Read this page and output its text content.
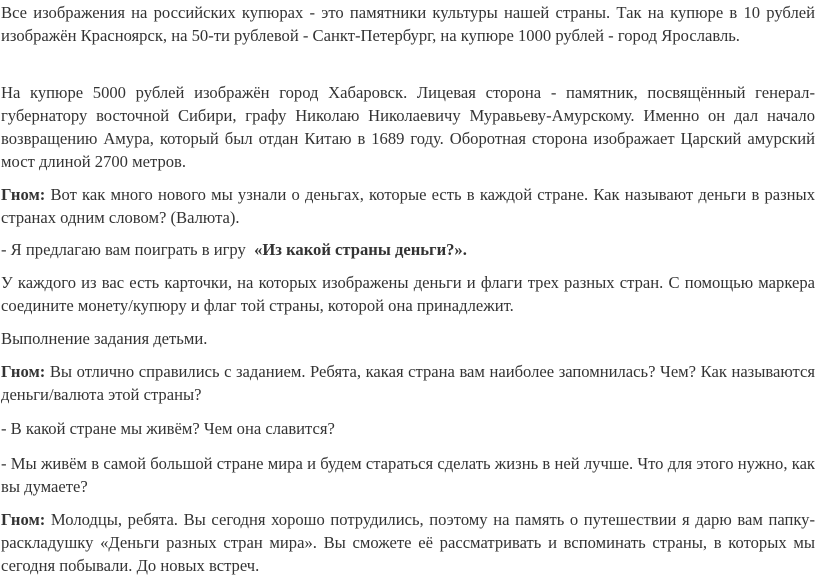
Все изображения на российских купюрах - это памятники культуры нашей страны. Так на купюре в 10 рублей изображён Красноярск, на 50-ти рублевой - Санкт-Петербург, на купюре 1000 рублей - город Ярославль.

На купюре 5000 рублей изображён город Хабаровск. Лицевая сторона - памятник, посвящённый генерал-губернатору восточной Сибири, графу Николаю Николаевичу Муравьеву-Амурскому. Именно он дал начало возвращению Амура, который был отдан Китаю в 1689 году. Оборотная сторона изображает Царский амурский мост длиной 2700 метров.

Гном: Вот как много нового мы узнали о деньгах, которые есть в каждой стране. Как называют деньги в разных странах одним словом? (Валюта).

- Я предлагаю вам поиграть в игру  «Из какой страны деньги?».

У каждого из вас есть карточки, на которых изображены деньги и флаги трех разных стран. С помощью маркера соедините монету/купюру и флаг той страны, которой она принадлежит.

Выполнение задания детьми.

Гном: Вы отлично справились с заданием. Ребята, какая страна вам наиболее запомнилась? Чем? Как называются деньги/валюта этой страны?

- В какой стране мы живём? Чем она славится?

- Мы живём в самой большой стране мира и будем стараться сделать жизнь в ней лучше. Что для этого нужно, как вы думаете?

Гном: Молодцы, ребята. Вы сегодня хорошо потрудились, поэтому на память о путешествии я дарю вам папку-раскладушку «Деньги разных стран мира». Вы сможете её рассматривать и вспоминать страны, в которых мы сегодня побывали. До новых встреч.
